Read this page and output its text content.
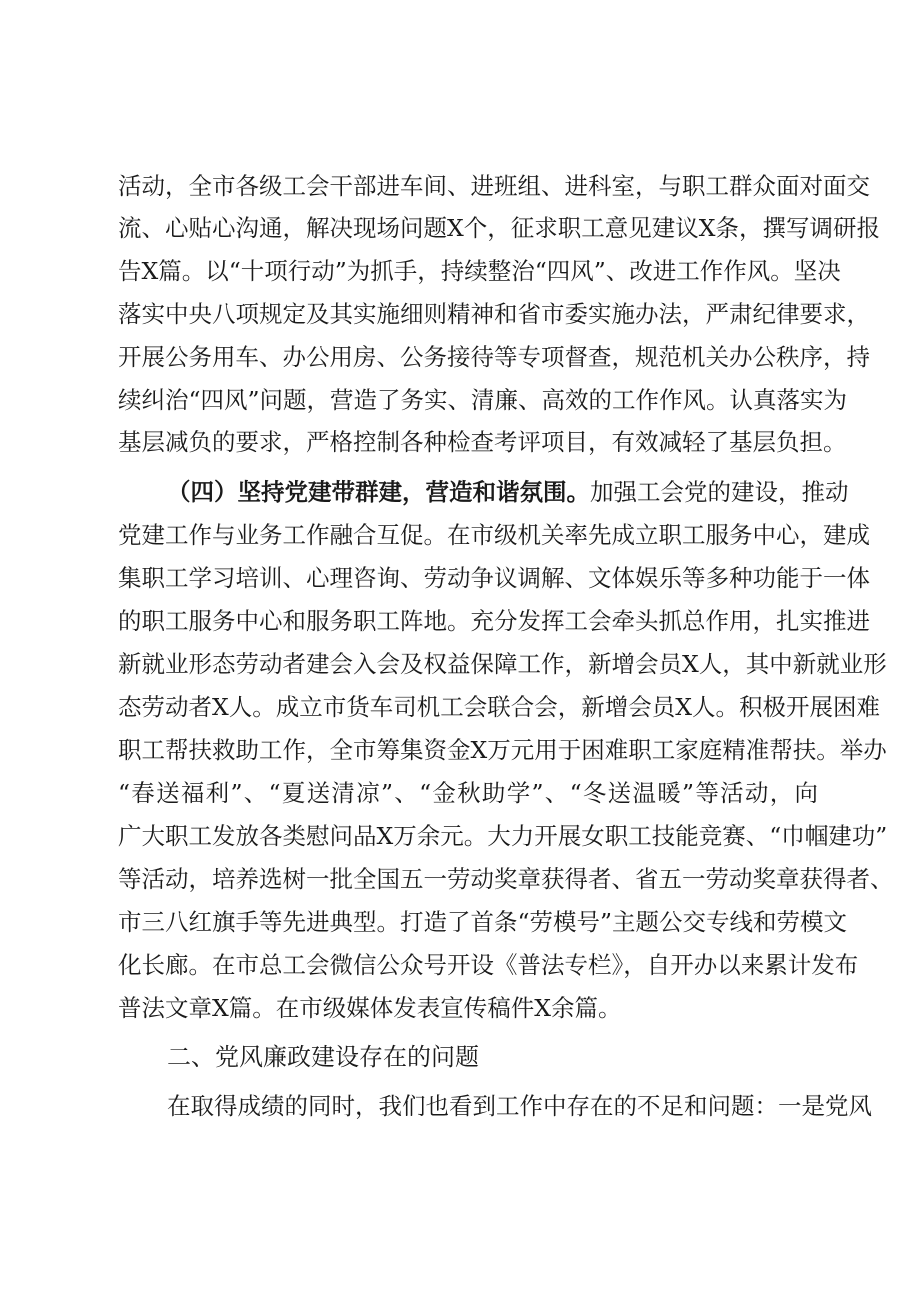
活动，全市各级工会干部进车间、进班组、进科室，与职工群众面对面交
流、心贴心沟通，解决现场问题X个，征求职工意见建议X条，撰写调研报
告X篇。以“十项行动”为抓手，持续整治“四风”、改进工作作风。坚决
落实中央八项规定及其实施细则精神和省市委实施办法，严肃纪律要求，
开展公务用车、办公用房、公务接待等专项督查，规范机关办公秩序，持
续纠治“四风”问题，营造了务实、清廉、高效的工作作风。认真落实为
基层减负的要求，严格控制各种检查考评项目，有效减轻了基层负担。
（四）坚持党建带群建，营造和谐氛围。加强工会党的建设，推动
党建工作与业务工作融合互促。在市级机关率先成立职工服务中心，建成
集职工学习培训、心理咨询、劳动争议调解、文体娱乐等多种功能于一体
的职工服务中心和服务职工阵地。充分发挥工会牵头抓总作用，扎实推进
新就业形态劳动者建会入会及权益保障工作，新增会员X人，其中新就业形
态劳动者X人。成立市货车司机工会联合会，新增会员X人。积极开展困难
职工帮扶救助工作，全市筹集资金X万元用于困难职工家庭精准帮扶。举办
“春送福利”、“夏送清凉”、“金秋助学”、“冬送温暖”等活动，向
广大职工发放各类慰问品X万余元。大力开展女职工技能竞赛、“巾帼建功”
等活动，培养选树一批全国五一劳动奖章获得者、省五一劳动奖章获得者、
市三八红旗手等先进典型。打造了首条“劳模号”主题公交专线和劳模文
化长廊。在市总工会微信公众号开设《普法专栏》，自开办以来累计发布
普法文章X篇。在市级媒体发表宣传稿件X余篇。
二、党风廉政建设存在的问题
在取得成绩的同时，我们也看到工作中存在的不足和问题：一是党风
